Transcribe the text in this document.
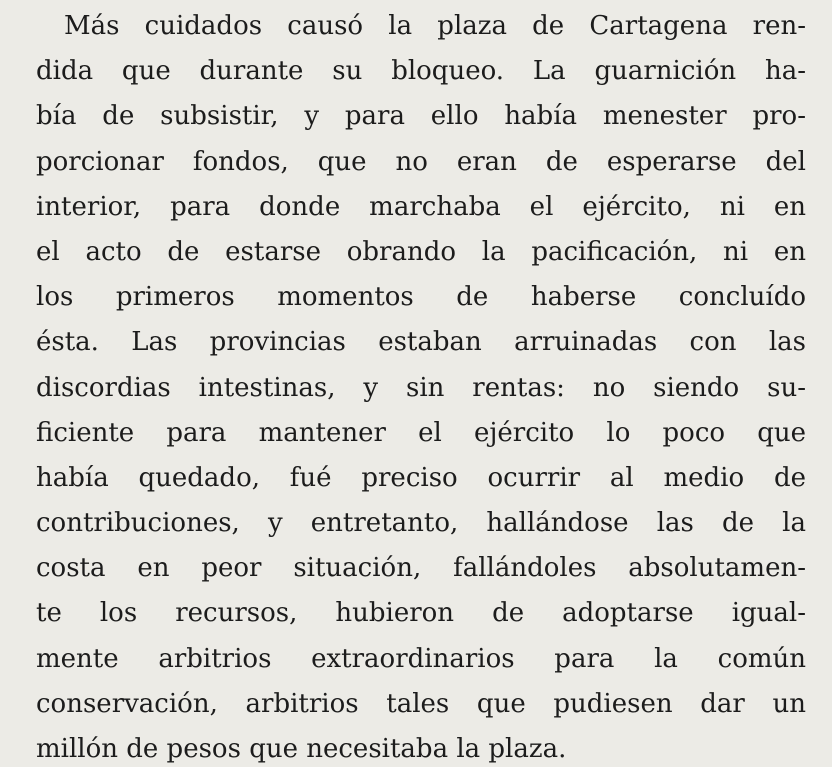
Más cuidados causó la plaza de Cartagena ren-
dida que durante su bloqueo. La guarnición ha-
bía de subsistir, y para ello había menester pro-
porcionar fondos, que no eran de esperarse del
interior, para donde marchaba el ejército, ni en
el acto de estarse obrando la pacificación, ni en
los primeros momentos de haberse concluído
ésta. Las provincias estaban arruinadas con las
discordias intestinas, y sin rentas: no siendo su-
ficiente para mantener el ejército lo poco que
había quedado, fué preciso ocurrir al medio de
contribuciones, y entretanto, hallándose las de la
costa en peor situación, fallándoles absolutamen-
te los recursos, hubieron de adoptarse igual-
mente arbitrios extraordinarios para la común
conservación, arbitrios tales que pudiesen dar un
millón de pesos que necesitaba la plaza.
